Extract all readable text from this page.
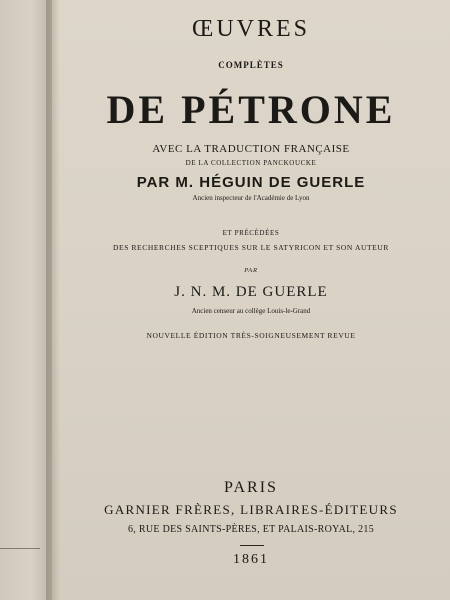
ŒUVRES
COMPLÈTES
DE PÉTRONE
AVEC LA TRADUCTION FRANÇAISE
DE LA COLLECTION PANCKOUCKE
PAR M. HÉGUIN DE GUERLE
Ancien inspecteur de l'Académie de Lyon
ET PRÉCÉDÉES
DES RECHERCHES SCEPTIQUES SUR LE SATYRICON ET SON AUTEUR
PAR
J. N. M. DE GUERLE
Ancien censeur au collège Louis-le-Grand
NOUVELLE ÉDITION TRÈS-SOIGNEUSEMENT REVUE
PARIS
GARNIER FRÈRES, LIBRAIRES-ÉDITEURS
6, RUE DES SAINTS-PÈRES, ET PALAIS-ROYAL, 215
1861
